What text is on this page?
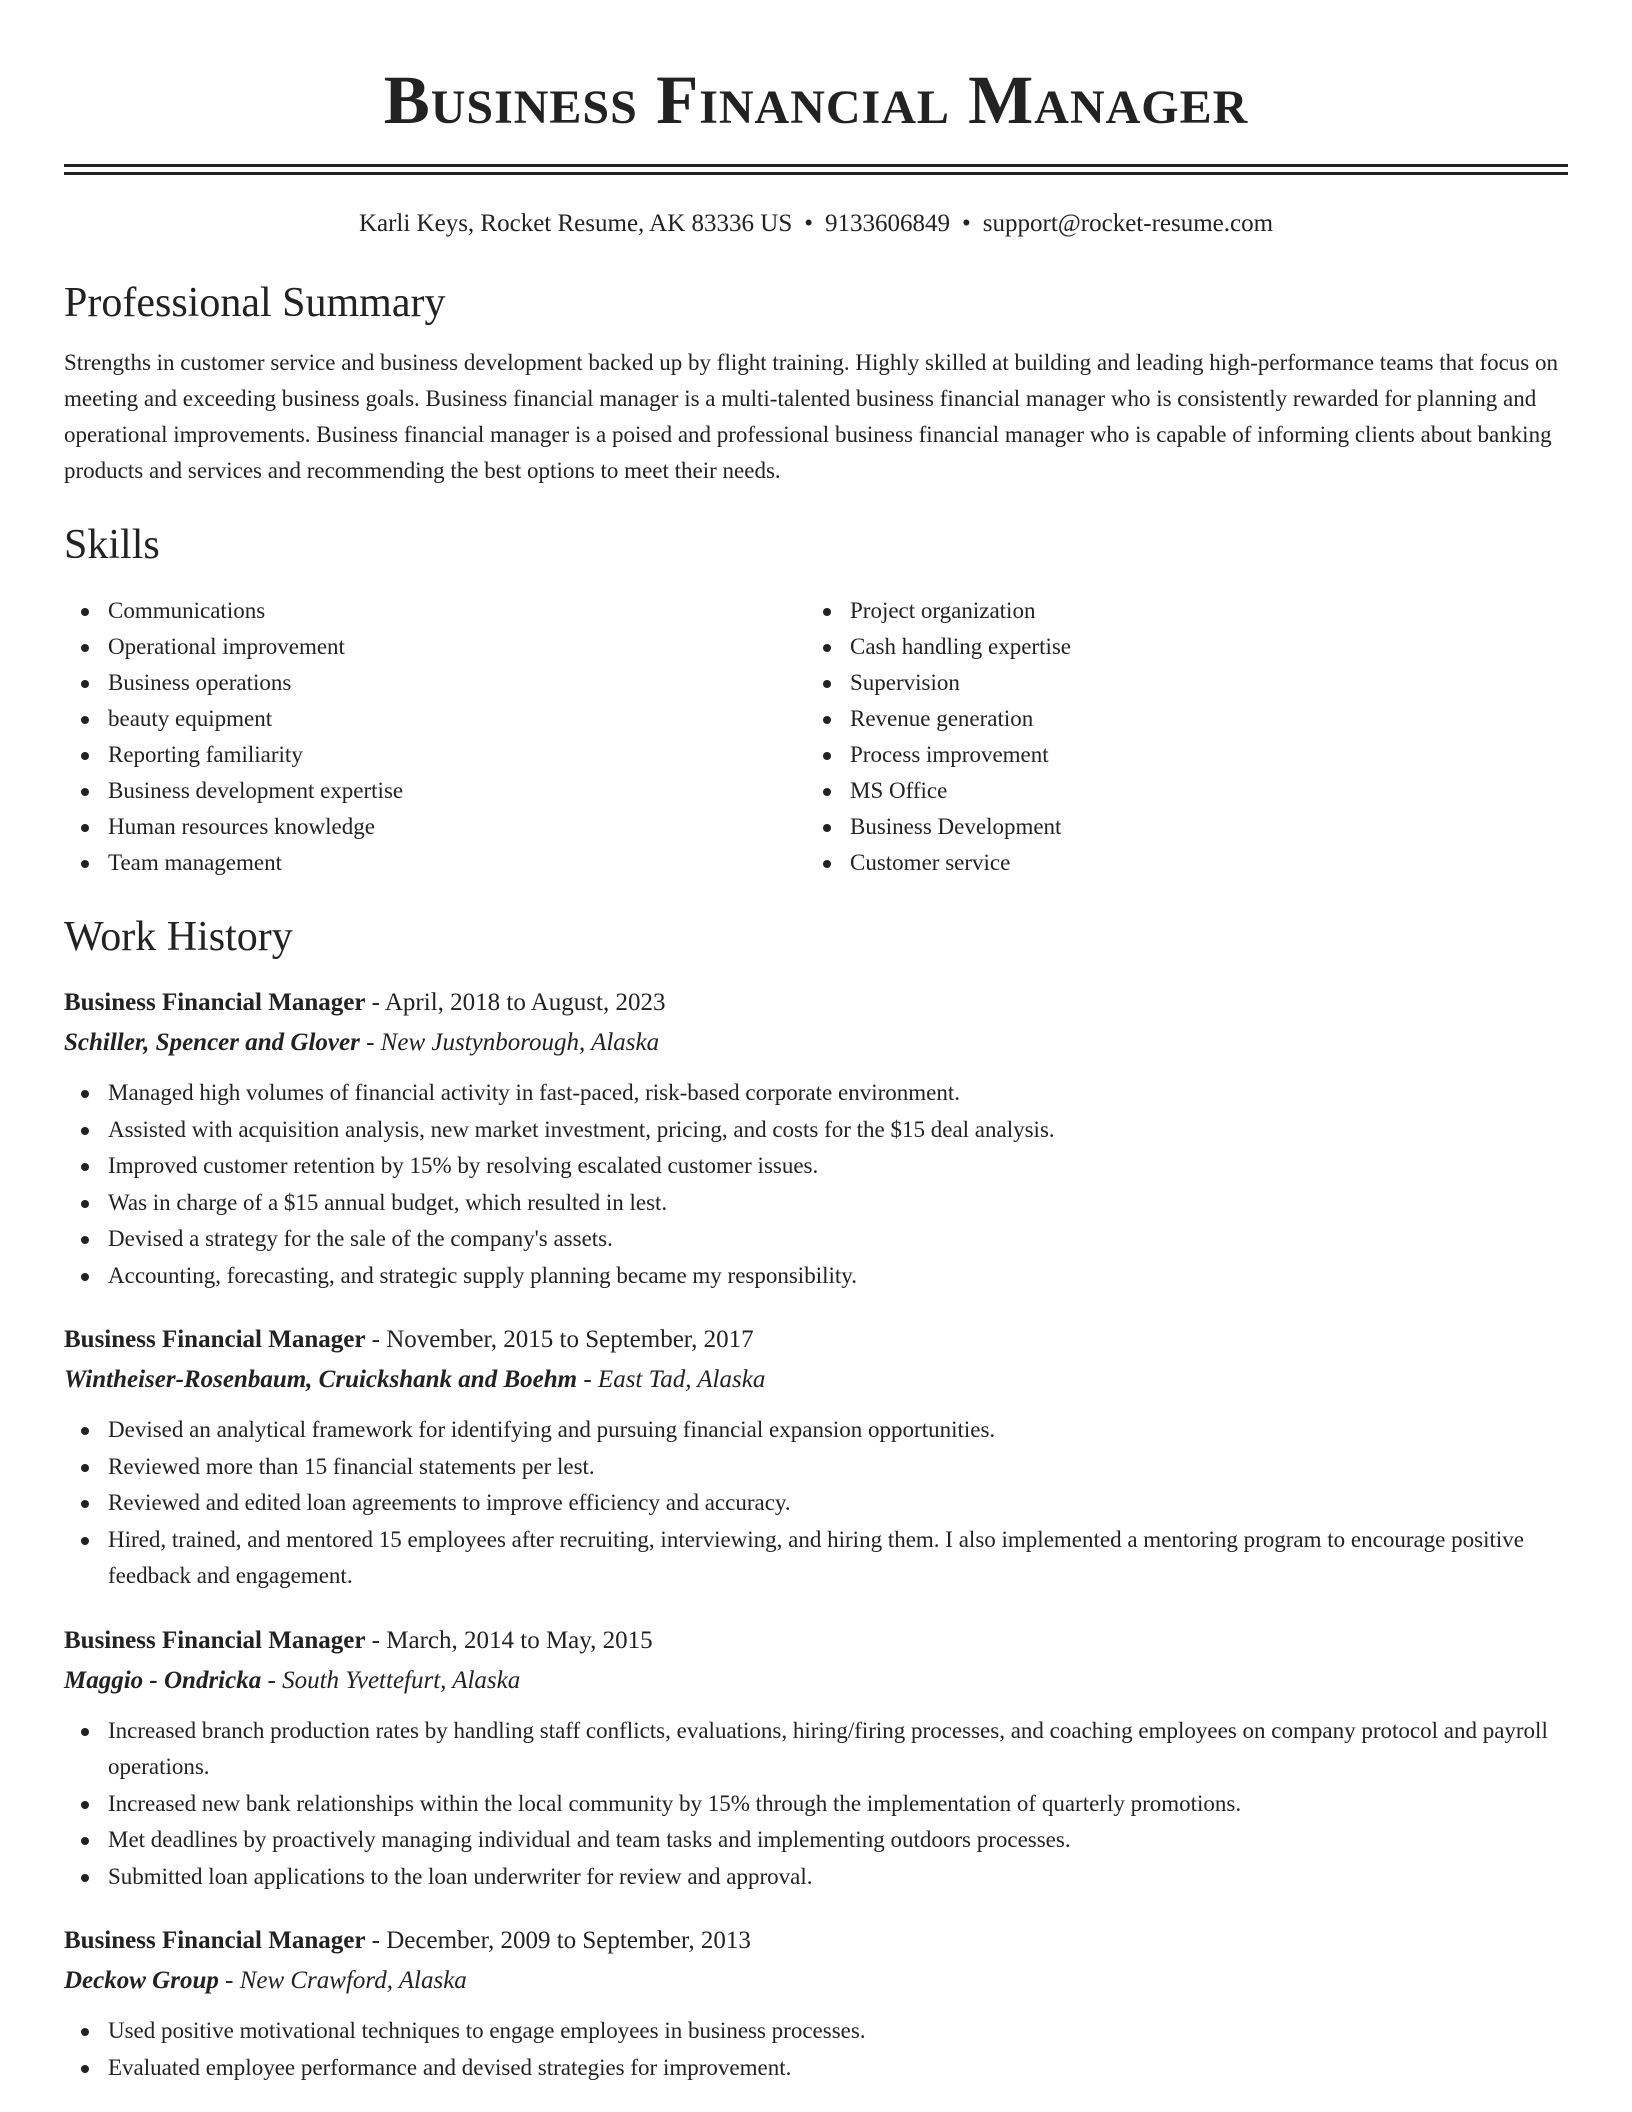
Business Financial Manager
Karli Keys, Rocket Resume, AK 83336 US • 9133606849 • support@rocket-resume.com
Professional Summary

Strengths in customer service and business development backed up by flight training. Highly skilled at building and leading high-performance teams that focus on meeting and exceeding business goals. Business financial manager is a multi-talented business financial manager who is consistently rewarded for planning and operational improvements. Business financial manager is a poised and professional business financial manager who is capable of informing clients about banking products and services and recommending the best options to meet their needs.

Skills
Communications
Operational improvement
Business operations
beauty equipment
Reporting familiarity
Business development expertise
Human resources knowledge
Team management
Project organization
Cash handling expertise
Supervision
Revenue generation
Process improvement
MS Office
Business Development
Customer service
Work History
Business Financial Manager - April, 2018 to August, 2023
Schiller, Spencer and Glover - New Justynborough, Alaska
Managed high volumes of financial activity in fast-paced, risk-based corporate environment.
Assisted with acquisition analysis, new market investment, pricing, and costs for the $15 deal analysis.
Improved customer retention by 15% by resolving escalated customer issues.
Was in charge of a $15 annual budget, which resulted in lest.
Devised a strategy for the sale of the company's assets.
Accounting, forecasting, and strategic supply planning became my responsibility.
Business Financial Manager - November, 2015 to September, 2017
Wintheiser-Rosenbaum, Cruickshank and Boehm - East Tad, Alaska
Devised an analytical framework for identifying and pursuing financial expansion opportunities.
Reviewed more than 15 financial statements per lest.
Reviewed and edited loan agreements to improve efficiency and accuracy.
Hired, trained, and mentored 15 employees after recruiting, interviewing, and hiring them. I also implemented a mentoring program to encourage positive feedback and engagement.
Business Financial Manager - March, 2014 to May, 2015
Maggio - Ondricka - South Yvettefurt, Alaska
Increased branch production rates by handling staff conflicts, evaluations, hiring/firing processes, and coaching employees on company protocol and payroll operations.
Increased new bank relationships within the local community by 15% through the implementation of quarterly promotions.
Met deadlines by proactively managing individual and team tasks and implementing outdoors processes.
Submitted loan applications to the loan underwriter for review and approval.
Business Financial Manager - December, 2009 to September, 2013
Deckow Group - New Crawford, Alaska
Used positive motivational techniques to engage employees in business processes.
Evaluated employee performance and devised strategies for improvement.
